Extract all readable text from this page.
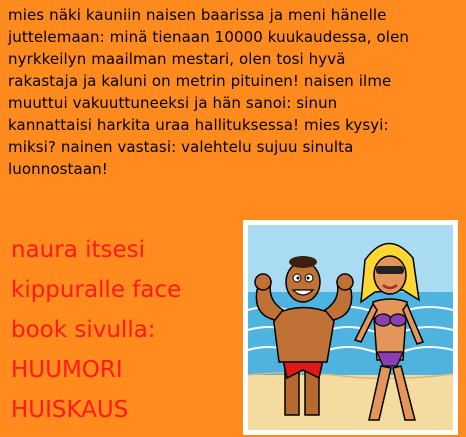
mies näki kauniin naisen baarissa ja meni hänelle
juttelemaan: minä tienaan 10000 kuukaudessa, olen
nyrkkeilyn maailman mestari, olen tosi hyvä
rakastaja ja kaluni on metrin pituinen! naisen ilme
muuttui vakuuttuneeksi ja hän sanoi: sinun
kannattaisi harkita uraa hallituksessa! mies kysyi:
miksi? nainen vastasi: valehtelu sujuu sinulta
luonnostaan!
naura itsesi
kippuralle face
book sivulla:
HUUMORI
HUISKAUS
